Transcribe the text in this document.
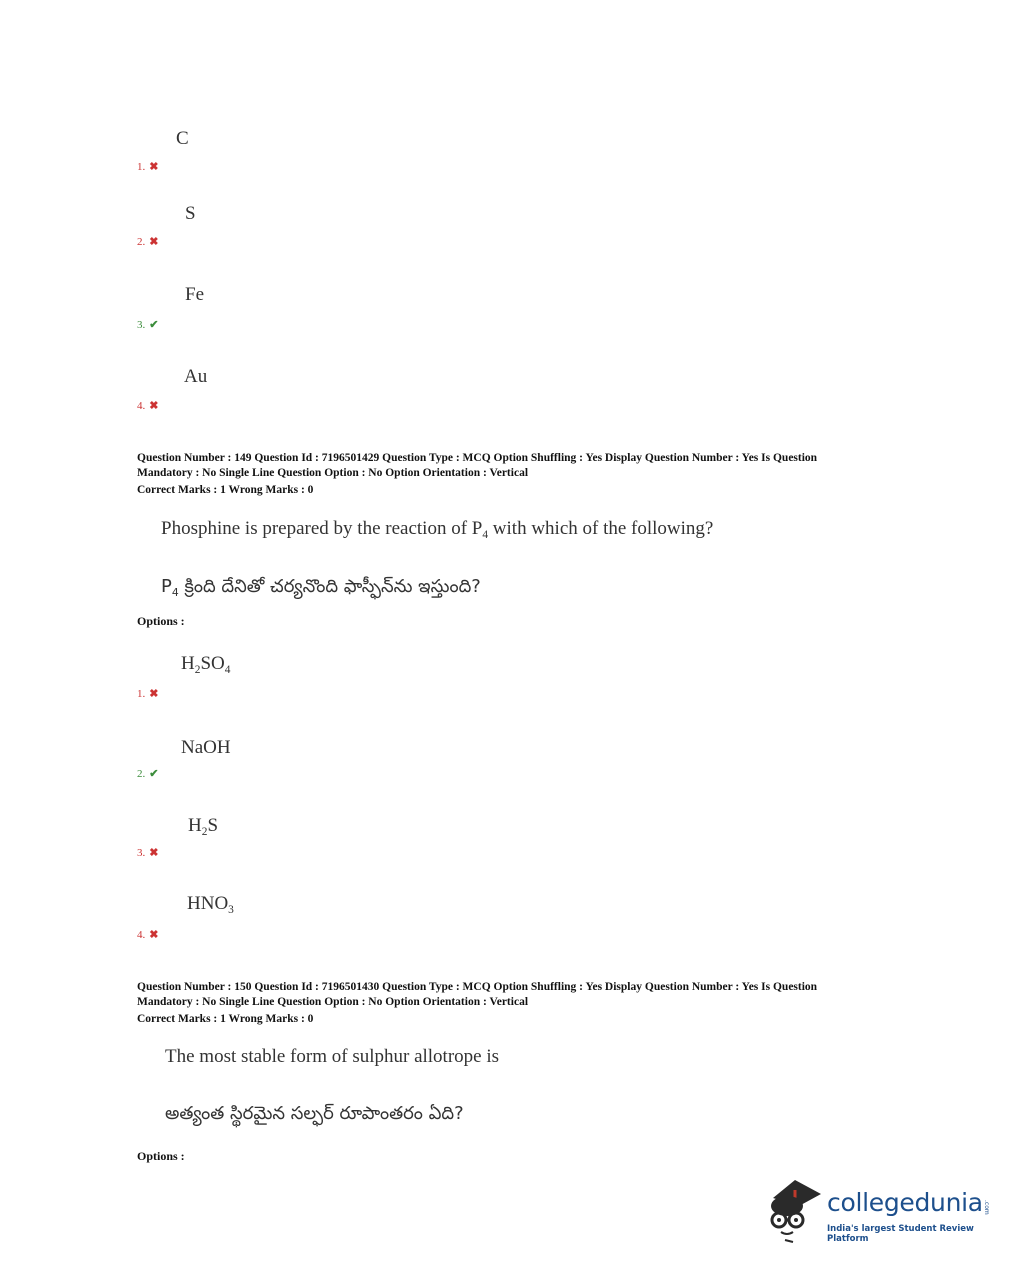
C
1. ✖
S
2. ✖
Fe
3. ✔
Au
4. ✖
Question Number : 149 Question Id : 7196501429 Question Type : MCQ Option Shuffling : Yes Display Question Number : Yes Is Question
Mandatory : No Single Line Question Option : No Option Orientation : Vertical
Correct Marks : 1 Wrong Marks : 0
Phosphine is prepared by the reaction of $P_4$ with which of the following?
$P_4$ క్రింది దేనితో చర్యనొంది ఫాస్ఫీన్‌ను ఇస్తుంది?
Options :
$H_2SO_4$
1. ✖
NaOH
2. ✔
$H_2S$
3. ✖
$HNO_3$
4. ✖
Question Number : 150 Question Id : 7196501430 Question Type : MCQ Option Shuffling : Yes Display Question Number : Yes Is Question
Mandatory : No Single Line Question Option : No Option Orientation : Vertical
Correct Marks : 1 Wrong Marks : 0
The most stable form of sulphur allotrope is
అత్యంత స్థిరమైన సల్ఫర్ రూపాంతరం ఏది?
Options :
collegedunia .com
India's largest Student Review Platform
